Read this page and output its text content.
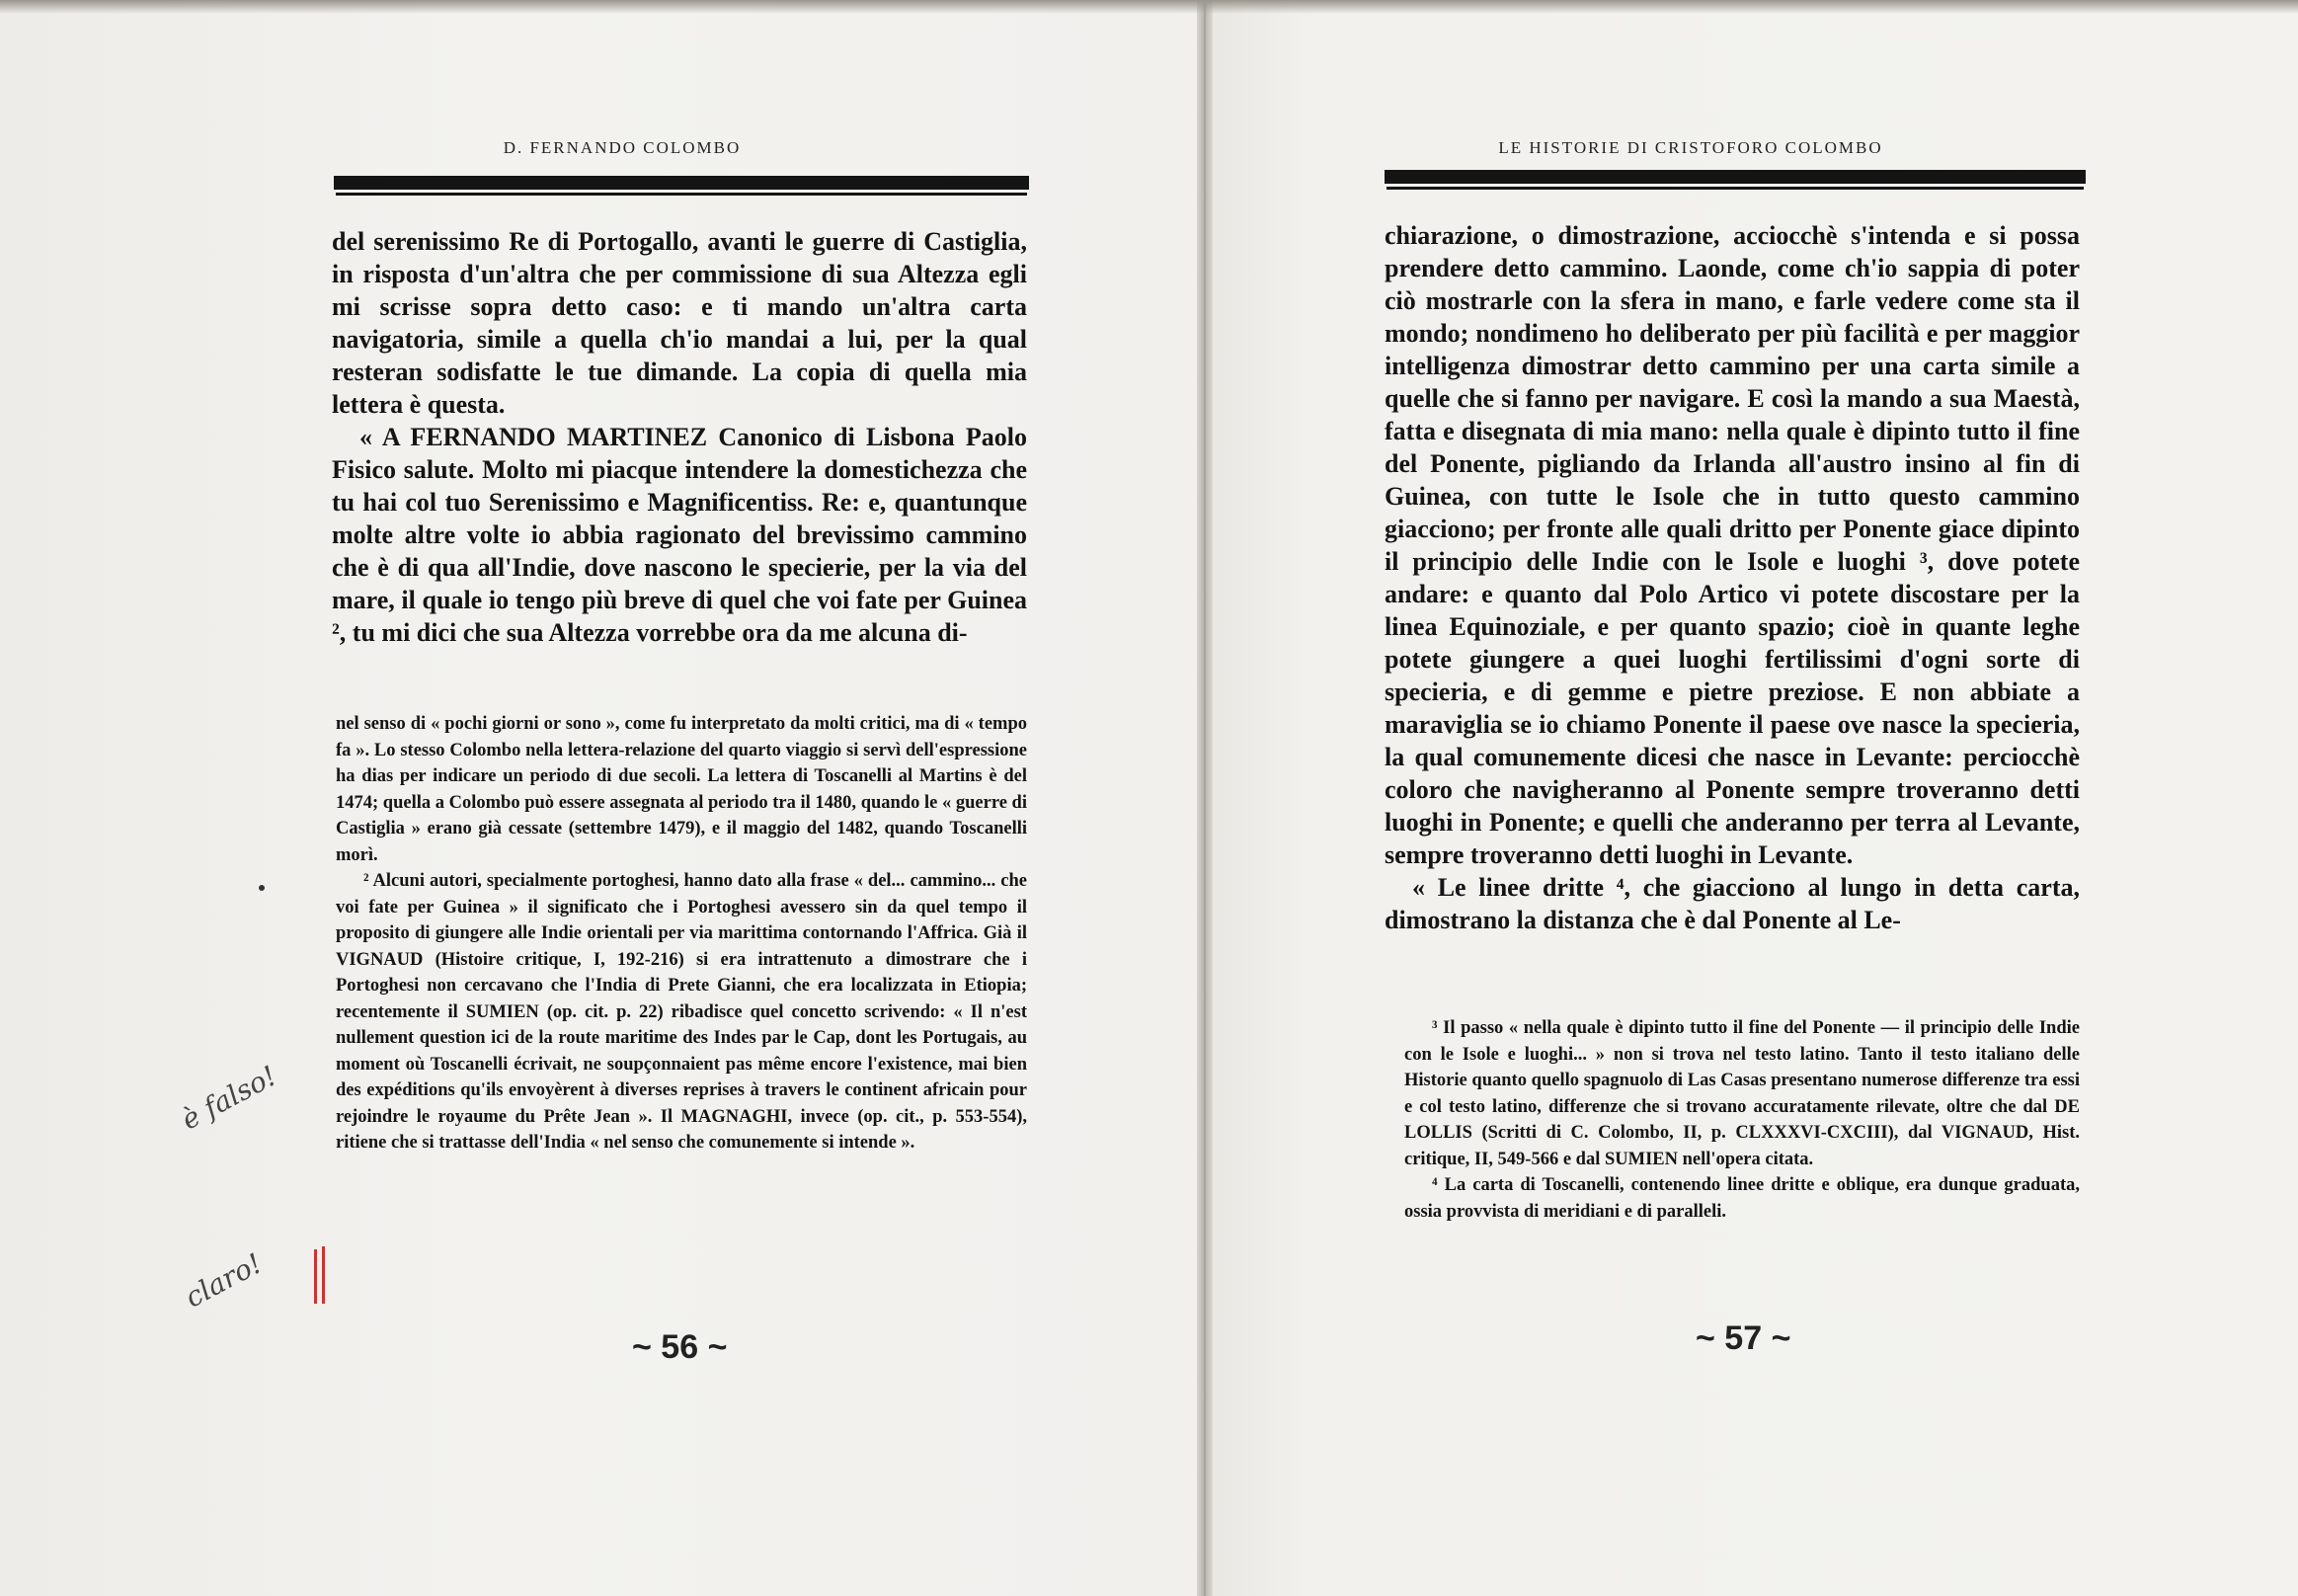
D. FERNANDO COLOMBO

del serenissimo Re di Portogallo, avanti le guerre di Castiglia, in risposta d'un'altra che per commissione di sua Altezza egli mi scrisse sopra detto caso: e ti mando un'altra carta navigatoria, simile a quella ch'io mandai a lui, per la qual resteran sodisfatte le tue dimande. La copia di quella mia lettera è questa.

« A FERNANDO MARTINEZ Canonico di Lisbona Paolo Fisico salute. Molto mi piacque intendere la domestichezza che tu hai col tuo Serenissimo e Magnificentiss. Re: e, quantunque molte altre volte io abbia ragionato del brevissimo cammino che è di qua all'Indie, dove nascono le specierie, per la via del mare, il quale io tengo più breve di quel che voi fate per Guinea ², tu mi dici che sua Altezza vorrebbe ora da me alcuna di-

nel senso di « pochi giorni or sono », come fu interpretato da molti critici, ma di « tempo fa ». Lo stesso Colombo nella lettera-relazione del quarto viaggio si servì dell'espressione ha dias per indicare un periodo di due secoli. La lettera di Toscanelli al Martins è del 1474; quella a Colombo può essere assegnata al periodo tra il 1480, quando le « guerre di Castiglia » erano già cessate (settembre 1479), e il maggio del 1482, quando Toscanelli morì.

² Alcuni autori, specialmente portoghesi, hanno dato alla frase « del... cammino... che voi fate per Guinea » il significato che i Portoghesi avessero sin da quel tempo il proposito di giungere alle Indie orientali per via marittima contornando l'Affrica. Già il VIGNAUD (Histoire critique, I, 192-216) si era intrattenuto a dimostrare che i Portoghesi non cercavano che l'India di Prete Gianni, che era localizzata in Etiopia; recentemente il SUMIEN (op. cit. p. 22) ribadisce quel concetto scrivendo: « Il n'est nullement question ici de la route maritime des Indes par le Cap, dont les Portugais, au moment où Toscanelli écrivait, ne soupçonnaient pas même encore l'existence, mai bien des expéditions qu'ils envoyèrent à diverses reprises à travers le continent africain pour rejoindre le royaume du Prête Jean ». Il MAGNAGHI, invece (op. cit., p. 553-554), ritiene che si trattasse dell'India « nel senso che comunemente si intende ».

~ 56 ~
è falso!
claro!
LE HISTORIE DI CRISTOFORO COLOMBO

chiarazione, o dimostrazione, acciocchè s'intenda e si possa prendere detto cammino. Laonde, come ch'io sappia di poter ciò mostrarle con la sfera in mano, e farle vedere come sta il mondo; nondimeno ho deliberato per più facilità e per maggior intelligenza dimostrar detto cammino per una carta simile a quelle che si fanno per navigare. E così la mando a sua Maestà, fatta e disegnata di mia mano: nella quale è dipinto tutto il fine del Ponente, pigliando da Irlanda all'austro insino al fin di Guinea, con tutte le Isole che in tutto questo cammino giacciono; per fronte alle quali dritto per Ponente giace dipinto il principio delle Indie con le Isole e luoghi ³, dove potete andare: e quanto dal Polo Artico vi potete discostare per la linea Equinoziale, e per quanto spazio; cioè in quante leghe potete giungere a quei luoghi fertilissimi d'ogni sorte di specieria, e di gemme e pietre preziose. E non abbiate a maraviglia se io chiamo Ponente il paese ove nasce la specieria, la qual comunemente dicesi che nasce in Levante: perciocchè coloro che navigheranno al Ponente sempre troveranno detti luoghi in Ponente; e quelli che anderanno per terra al Levante, sempre troveranno detti luoghi in Levante.

« Le linee dritte ⁴, che giacciono al lungo in detta carta, dimostrano la distanza che è dal Ponente al Le-

³ Il passo « nella quale è dipinto tutto il fine del Ponente — il principio delle Indie con le Isole e luoghi... » non si trova nel testo latino. Tanto il testo italiano delle Historie quanto quello spagnuolo di Las Casas presentano numerose differenze tra essi e col testo latino, differenze che si trovano accuratamente rilevate, oltre che dal DE LOLLIS (Scritti di C. Colombo, II, p. CLXXXVI-CXCIII), dal VIGNAUD, Hist. critique, II, 549-566 e dal SUMIEN nell'opera citata.

⁴ La carta di Toscanelli, contenendo linee dritte e oblique, era dunque graduata, ossia provvista di meridiani e di paralleli.

~ 57 ~
